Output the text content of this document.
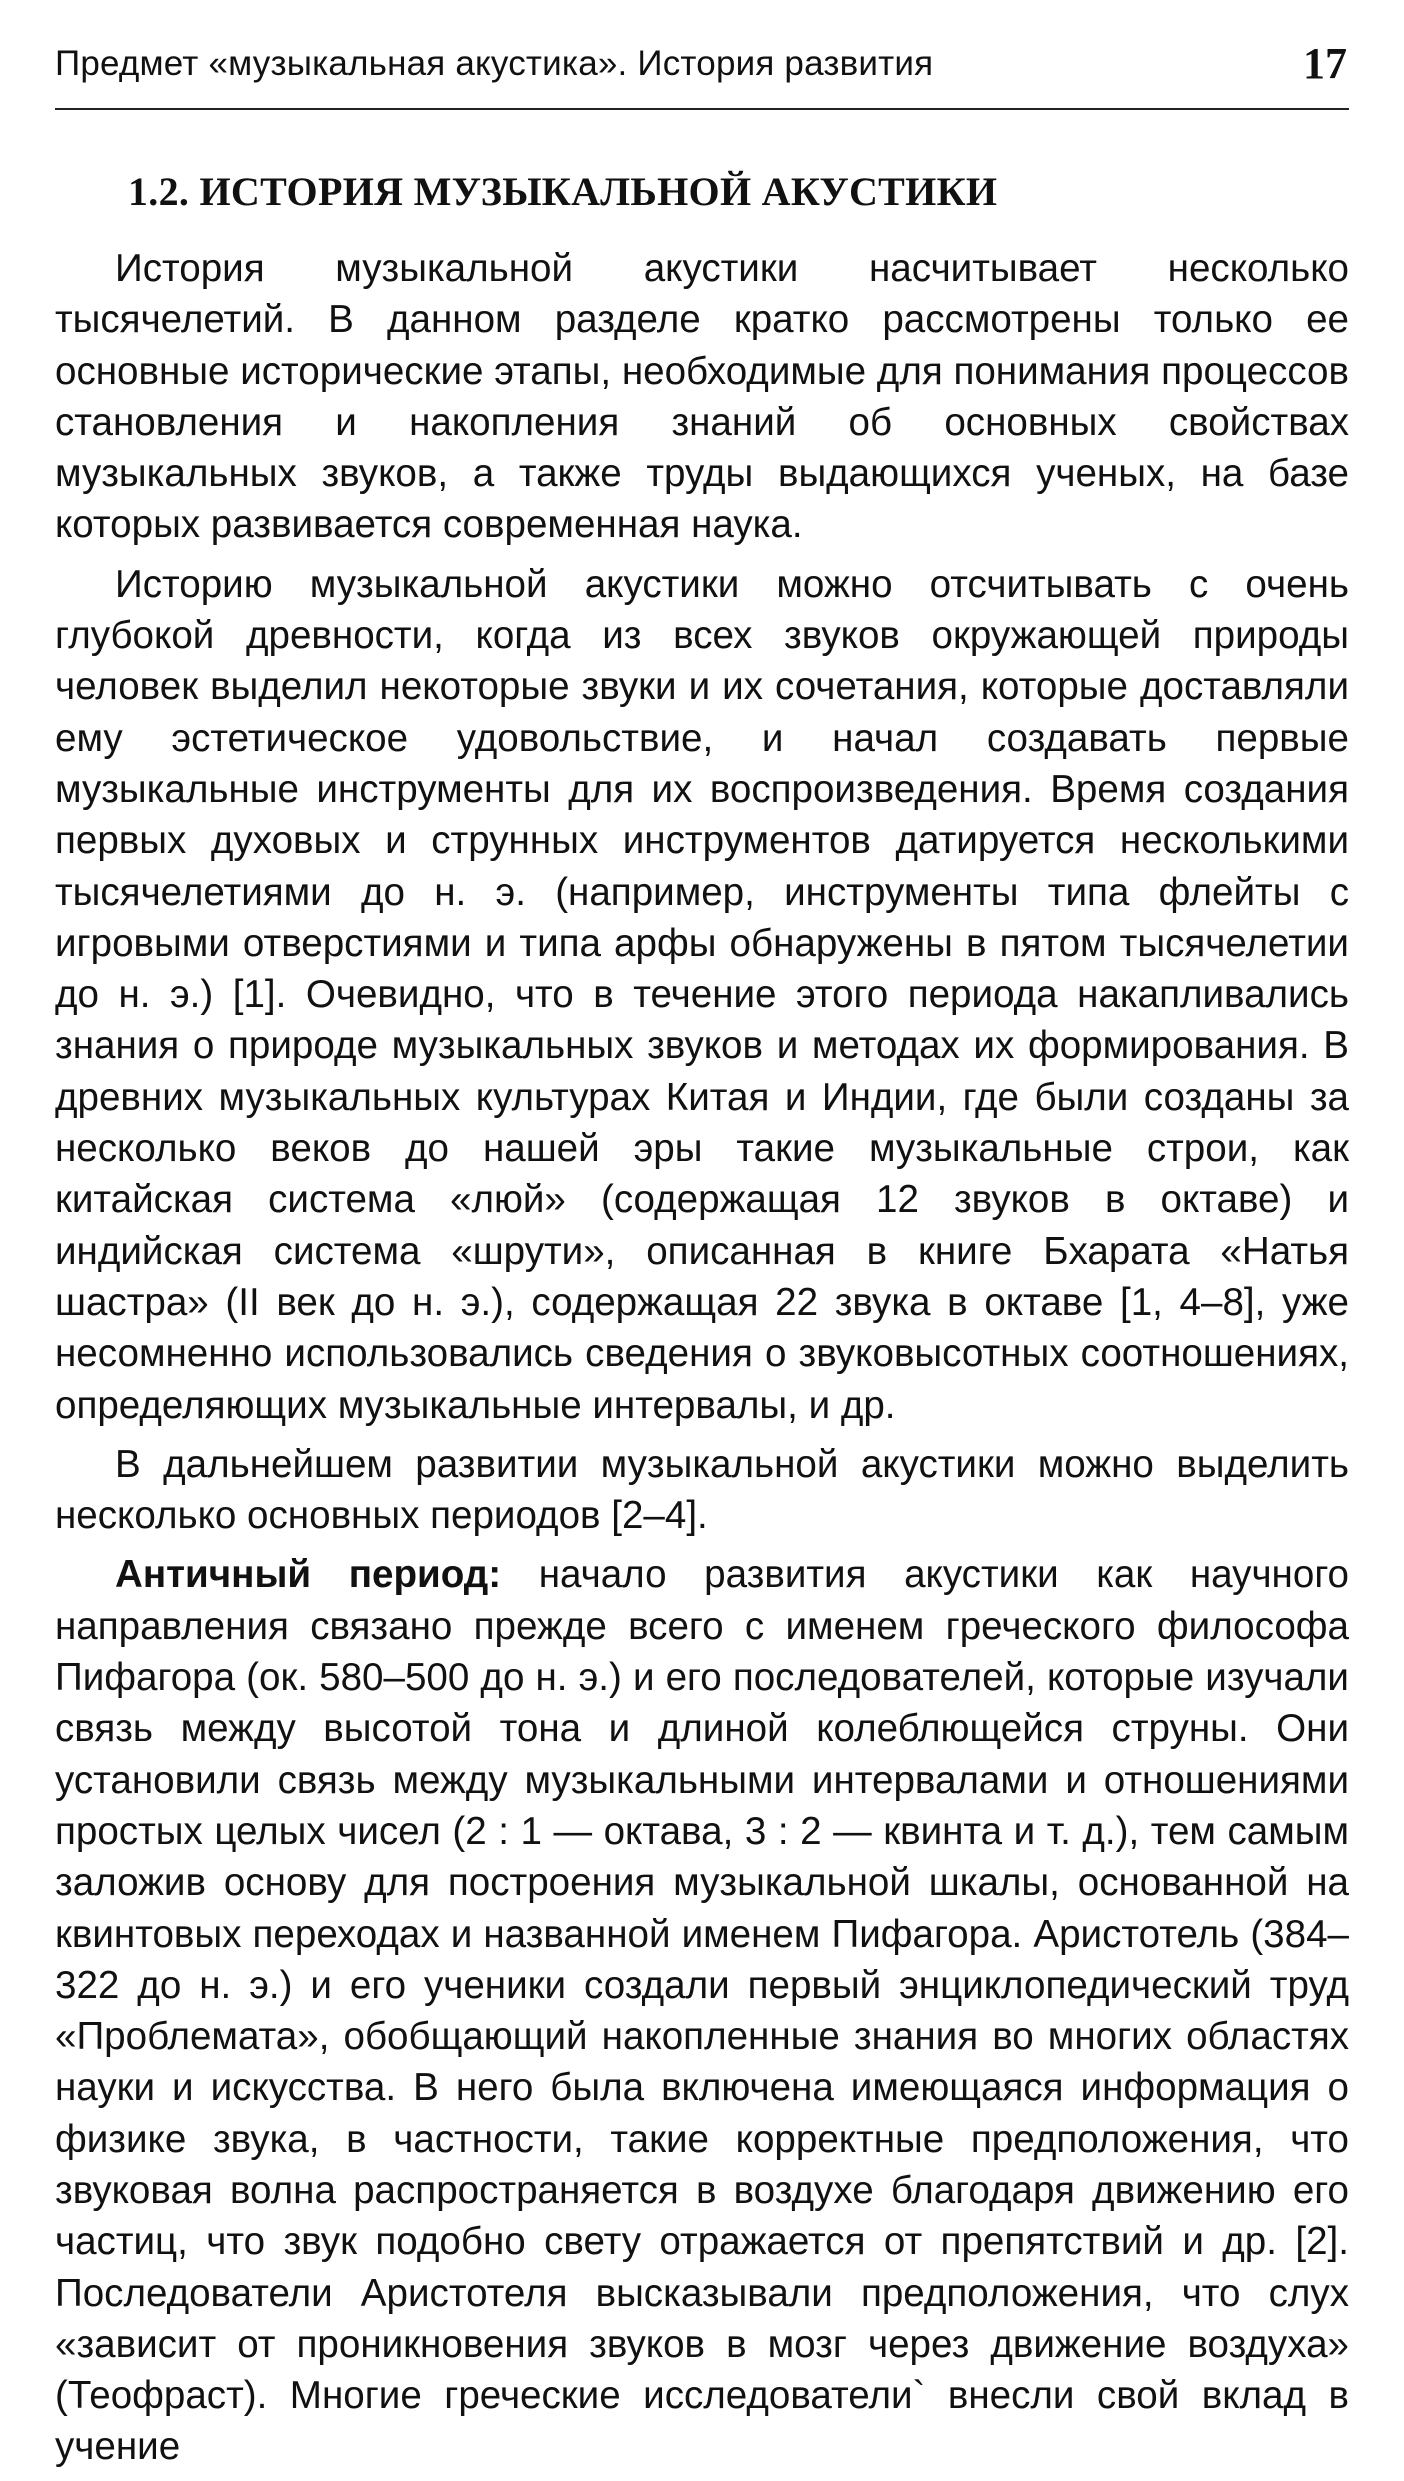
Предмет «музыкальная акустика». История развития	17
1.2. ИСТОРИЯ МУЗЫКАЛЬНОЙ АКУСТИКИ

История музыкальной акустики насчитывает несколько тысячелетий. В данном разделе кратко рассмотрены только ее основные исторические этапы, необходимые для понимания процессов становления и накопления знаний об основных свойствах музыкальных звуков, а также труды выдающихся ученых, на базе которых развивается современная наука.

Историю музыкальной акустики можно отсчитывать с очень глубокой древности, когда из всех звуков окружающей природы человек выделил некоторые звуки и их сочетания, которые доставляли ему эстетическое удовольствие, и начал создавать первые музыкальные инструменты для их воспроизведения. Время создания первых духовых и струнных инструментов датируется несколькими тысячелетиями до н. э. (например, инструменты типа флейты с игровыми отверстиями и типа арфы обнаружены в пятом тысячелетии до н. э.) [1]. Очевидно, что в течение этого периода накапливались знания о природе музыкальных звуков и методах их формирования. В древних музыкальных культурах Китая и Индии, где были созданы за несколько веков до нашей эры такие музыкальные строи, как китайская система «люй» (содержащая 12 звуков в октаве) и индийская система «шрути», описанная в книге Бхарата «Натья шастра» (II век до н. э.), содержащая 22 звука в октаве [1, 4–8], уже несомненно использовались сведения о звуковысотных соотношениях, определяющих музыкальные интервалы, и др.

В дальнейшем развитии музыкальной акустики можно выделить несколько основных периодов [2–4].

Античный период: начало развития акустики как научного направления связано прежде всего с именем греческого философа Пифагора (ок. 580–500 до н. э.) и его последователей, которые изучали связь между высотой тона и длиной колеблющейся струны. Они установили связь между музыкальными интервалами и отношениями простых целых чисел (2 : 1 — октава, 3 : 2 — квинта и т. д.), тем самым заложив основу для построения музыкальной шкалы, основанной на квинтовых переходах и названной именем Пифагора. Аристотель (384–322 до н. э.) и его ученики создали первый энциклопедический труд «Проблемата», обобщающий накопленные знания во многих областях науки и искусства. В него была включена имеющаяся информация о физике звука, в частности, такие корректные предположения, что звуковая волна распространяется в воздухе благодаря движению его частиц, что звук подобно свету отражается от препятствий и др. [2]. Последователи Аристотеля высказывали предположения, что слух «зависит от проникновения звуков в мозг через движение воздуха» (Теофраст). Многие греческие исследователи` внесли свой вклад в учение
